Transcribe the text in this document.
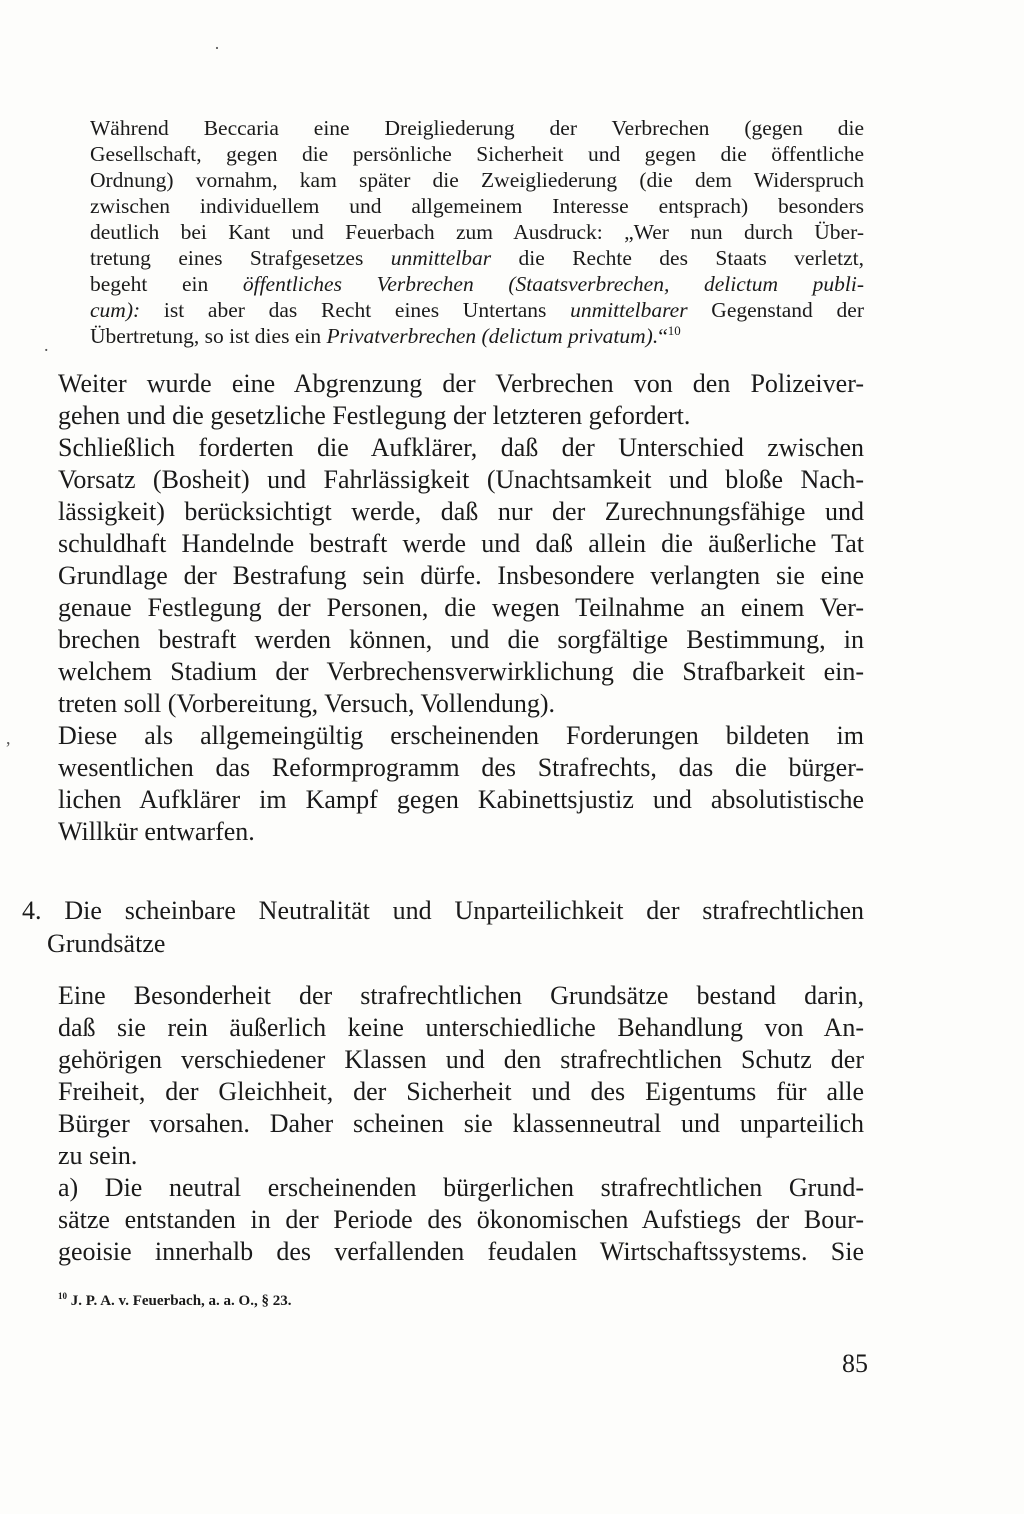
·
.
,
Während Beccaria eine Dreigliederung der Verbrechen (gegen die
Gesellschaft, gegen die persönliche Sicherheit und gegen die öffentliche
Ordnung) vornahm, kam später die Zweigliederung (die dem Widerspruch
zwischen individuellem und allgemeinem Interesse entsprach) besonders
deutlich bei Kant und Feuerbach zum Ausdruck: „Wer nun durch Über-
tretung eines Strafgesetzes unmittelbar die Rechte des Staats verletzt,
begeht ein öffentliches Verbrechen (Staatsverbrechen, delictum publi-
cum): ist aber das Recht eines Untertans unmittelbarer Gegenstand der
Übertretung, so ist dies ein Privatverbrechen (delictum privatum).“$^{10}$
Weiter wurde eine Abgrenzung der Verbrechen von den Polizeiver-
gehen und die gesetzliche Festlegung der letzteren gefordert.
Schließlich forderten die Aufklärer, daß der Unterschied zwischen
Vorsatz (Bosheit) und Fahrlässigkeit (Unachtsamkeit und bloße Nach-
lässigkeit) berücksichtigt werde, daß nur der Zurechnungsfähige und
schuldhaft Handelnde bestraft werde und daß allein die äußerliche Tat
Grundlage der Bestrafung sein dürfe. Insbesondere verlangten sie eine
genaue Festlegung der Personen, die wegen Teilnahme an einem Ver-
brechen bestraft werden können, und die sorgfältige Bestimmung, in
welchem Stadium der Verbrechensverwirklichung die Strafbarkeit ein-
treten soll (Vorbereitung, Versuch, Vollendung).
Diese als allgemeingültig erscheinenden Forderungen bildeten im
wesentlichen das Reformprogramm des Strafrechts, das die bürger-
lichen Aufklärer im Kampf gegen Kabinettsjustiz und absolutistische
Willkür entwarfen.
4. Die scheinbare Neutralität und Unparteilichkeit der strafrechtlichen
Grundsätze
Eine Besonderheit der strafrechtlichen Grundsätze bestand darin,
daß sie rein äußerlich keine unterschiedliche Behandlung von An-
gehörigen verschiedener Klassen und den strafrechtlichen Schutz der
Freiheit, der Gleichheit, der Sicherheit und des Eigentums für alle
Bürger vorsahen. Daher scheinen sie klassenneutral und unparteilich
zu sein.
a) Die neutral erscheinenden bürgerlichen strafrechtlichen Grund-
sätze entstanden in der Periode des ökonomischen Aufstiegs der Bour-
geoisie innerhalb des verfallenden feudalen Wirtschaftssystems. Sie
$^{10}$ J. P. A. v. Feuerbach, a. a. O., § 23.
85
